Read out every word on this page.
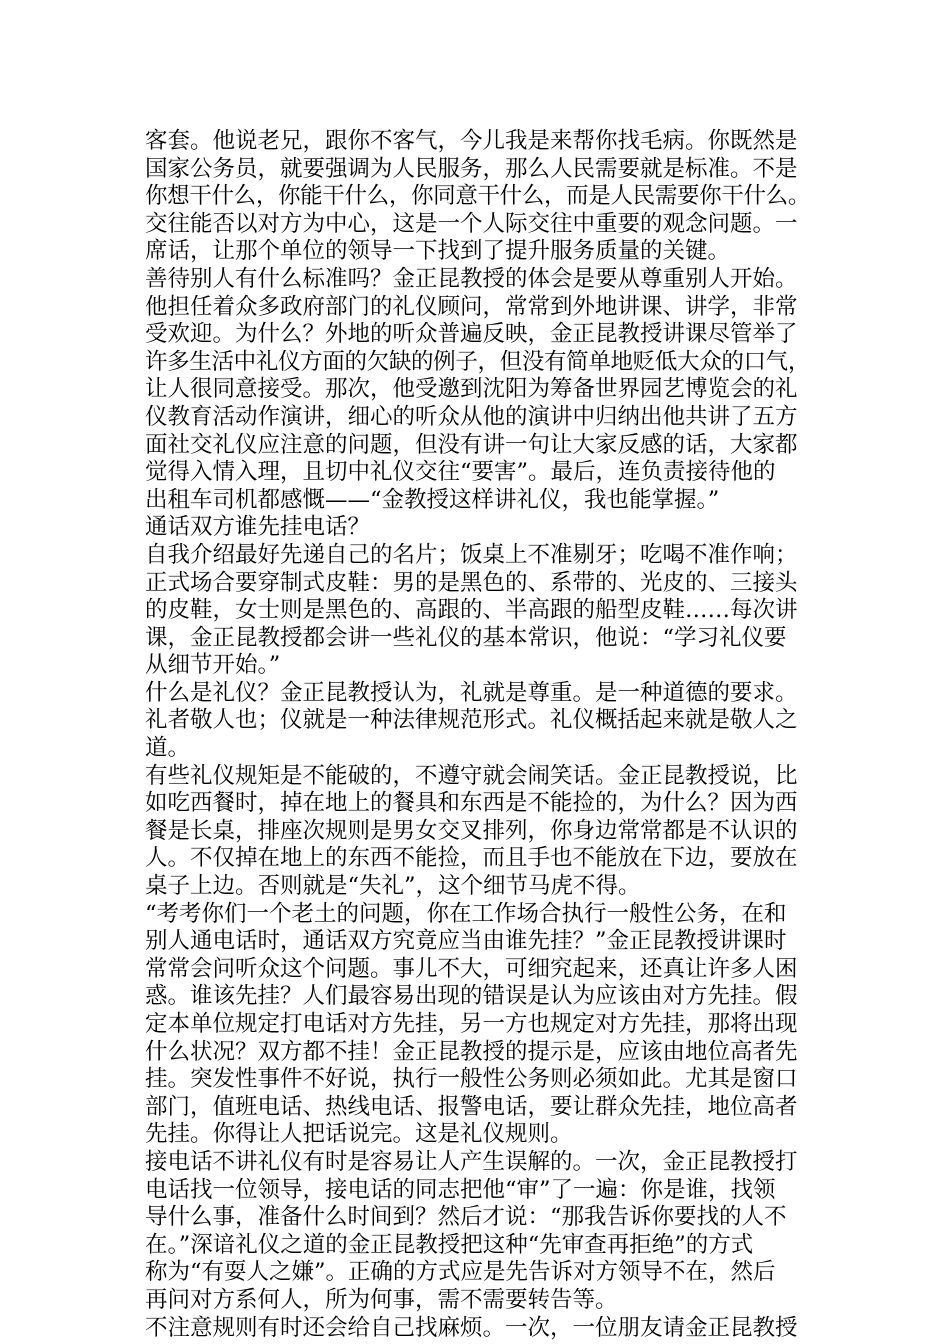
客套。他说老兄，跟你不客气，今儿我是来帮你找毛病。你既然是
国家公务员，就要强调为人民服务，那么人民需要就是标准。不是
你想干什么，你能干什么，你同意干什么，而是人民需要你干什么。
交往能否以对方为中心，这是一个人际交往中重要的观念问题。一
席话，让那个单位的领导一下找到了提升服务质量的关键。
善待别人有什么标准吗？金正昆教授的体会是要从尊重别人开始。
他担任着众多政府部门的礼仪顾问，常常到外地讲课、讲学，非常
受欢迎。为什么？外地的听众普遍反映，金正昆教授讲课尽管举了
许多生活中礼仪方面的欠缺的例子，但没有简单地贬低大众的口气，
让人很同意接受。那次，他受邀到沈阳为筹备世界园艺博览会的礼
仪教育活动作演讲，细心的听众从他的演讲中归纳出他共讲了五方
面社交礼仪应注意的问题，但没有讲一句让大家反感的话，大家都
觉得入情入理，且切中礼仪交往“要害”。最后，连负责接待他的
出租车司机都感慨——“金教授这样讲礼仪，我也能掌握。”
通话双方谁先挂电话？
自我介绍最好先递自己的名片；饭桌上不准剔牙；吃喝不准作响；
正式场合要穿制式皮鞋：男的是黑色的、系带的、光皮的、三接头
的皮鞋，女士则是黑色的、高跟的、半高跟的船型皮鞋……每次讲
课，金正昆教授都会讲一些礼仪的基本常识，他说：“学习礼仪要
从细节开始。”
什么是礼仪？金正昆教授认为，礼就是尊重。是一种道德的要求。
礼者敬人也；仪就是一种法律规范形式。礼仪概括起来就是敬人之
道。
有些礼仪规矩是不能破的，不遵守就会闹笑话。金正昆教授说，比
如吃西餐时，掉在地上的餐具和东西是不能捡的，为什么？因为西
餐是长桌，排座次规则是男女交叉排列，你身边常常都是不认识的
人。不仅掉在地上的东西不能捡，而且手也不能放在下边，要放在
桌子上边。否则就是“失礼”，这个细节马虎不得。
“考考你们一个老土的问题，你在工作场合执行一般性公务，在和
别人通电话时，通话双方究竟应当由谁先挂？”金正昆教授讲课时
常常会问听众这个问题。事儿不大，可细究起来，还真让许多人困
惑。谁该先挂？人们最容易出现的错误是认为应该由对方先挂。假
定本单位规定打电话对方先挂，另一方也规定对方先挂，那将出现
什么状况？双方都不挂！金正昆教授的提示是，应该由地位高者先
挂。突发性事件不好说，执行一般性公务则必须如此。尤其是窗口
部门，值班电话、热线电话、报警电话，要让群众先挂，地位高者
先挂。你得让人把话说完。这是礼仪规则。
接电话不讲礼仪有时是容易让人产生误解的。一次，金正昆教授打
电话找一位领导，接电话的同志把他“审”了一遍：你是谁，找领
导什么事，准备什么时间到？然后才说：“那我告诉你要找的人不
在。”深谙礼仪之道的金正昆教授把这种“先审查再拒绝”的方式
称为“有耍人之嫌”。正确的方式应是先告诉对方领导不在，然后
再问对方系何人，所为何事，需不需要转告等。
不注意规则有时还会给自己找麻烦。一次，一位朋友请金正昆教授
